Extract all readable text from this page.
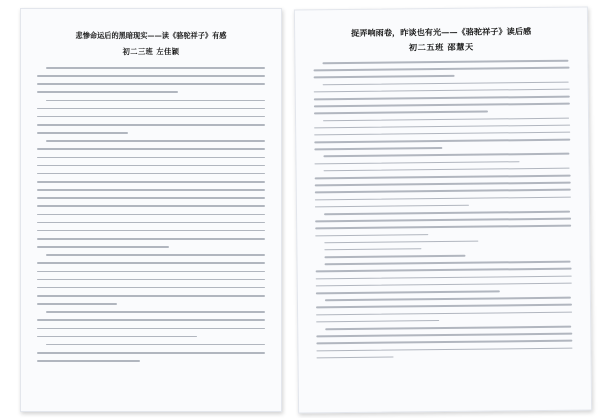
悲惨命运后的黑暗现实——读《骆驼祥子》有感
初二三班 左佳颖
捉弄响雨卷，昨谈也有光——《骆驼祥子》读后感
初二五班 邵慧天
